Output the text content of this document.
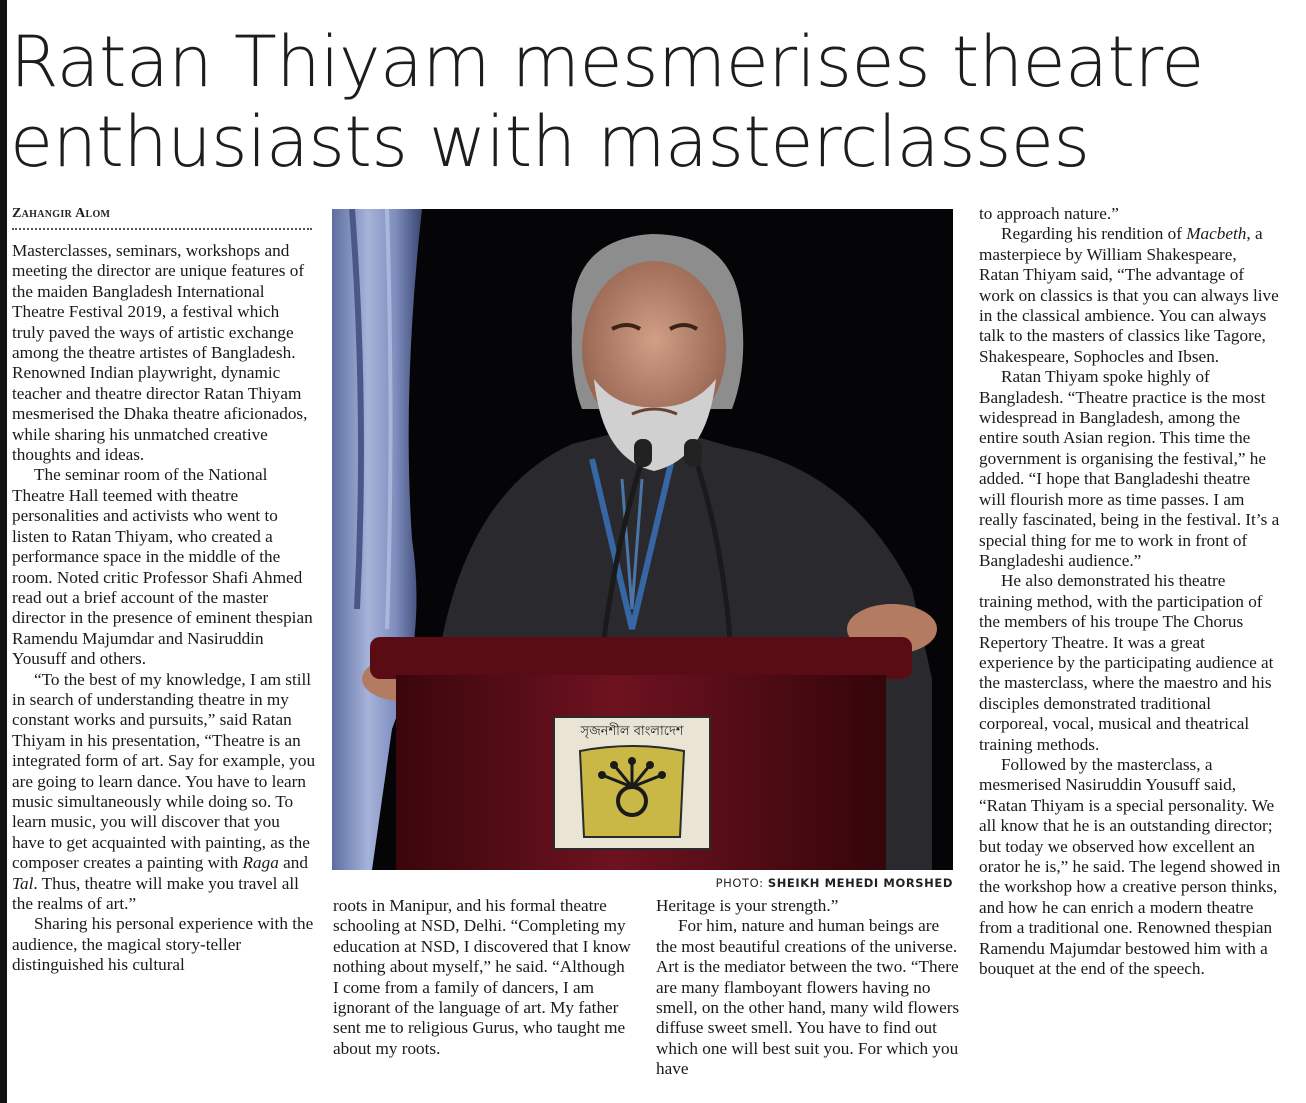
Ratan Thiyam mesmerises theatre
enthusiasts with masterclasses
Zahangir Alom

Masterclasses, seminars, workshops and meeting the director are unique features of the maiden Bangladesh International Theatre Festival 2019, a festival which truly paved the ways of artistic exchange among the theatre artistes of Bangladesh. Renowned Indian playwright, dynamic teacher and theatre director Ratan Thiyam mesmerised the Dhaka theatre aficionados, while sharing his unmatched creative thoughts and ideas.

The seminar room of the National Theatre Hall teemed with theatre personalities and activists who went to listen to Ratan Thiyam, who created a performance space in the middle of the room. Noted critic Professor Shafi Ahmed read out a brief account of the master director in the presence of eminent thespian Ramendu Majumdar and Nasiruddin Yousuff and others.

“To the best of my knowledge, I am still in search of understanding theatre in my constant works and pursuits,” said Ratan Thiyam in his presentation, “Theatre is an integrated form of art. Say for example, you are going to learn dance. You have to learn music simultaneously while doing so. To learn music, you will discover that you have to get acquainted with painting, as the composer creates a painting with Raga and Tal. Thus, theatre will make you travel all the realms of art.”

Sharing his personal experience with the audience, the magical story-teller distinguished his cultural

সৃজনশীল বাংলাদেশ
PHOTO: SHEIKH MEHEDI MORSHED

roots in Manipur, and his formal theatre schooling at NSD, Delhi. “Completing my education at NSD, I discovered that I know nothing about myself,” he said. “Although I come from a family of dancers, I am ignorant of the language of art. My father sent me to religious Gurus, who taught me about my roots.

Heritage is your strength.”

For him, nature and human beings are the most beautiful creations of the universe. Art is the mediator between the two. “There are many flamboyant flowers having no smell, on the other hand, many wild flowers diffuse sweet smell. You have to find out which one will best suit you. For which you have

to approach nature.”

Regarding his rendition of Macbeth, a masterpiece by William Shakespeare, Ratan Thiyam said, “The advantage of work on classics is that you can always live in the classical ambience. You can always talk to the masters of classics like Tagore, Shakespeare, Sophocles and Ibsen.

Ratan Thiyam spoke highly of Bangladesh. “Theatre practice is the most widespread in Bangladesh, among the entire south Asian region. This time the government is organising the festival,” he added. “I hope that Bangladeshi theatre will flourish more as time passes. I am really fascinated, being in the festival. It’s a special thing for me to work in front of Bangladeshi audience.”

He also demonstrated his theatre training method, with the participation of the members of his troupe The Chorus Repertory Theatre. It was a great experience by the participating audience at the masterclass, where the maestro and his disciples demonstrated traditional corporeal, vocal, musical and theatrical training methods.

Followed by the masterclass, a mesmerised Nasiruddin Yousuff said, “Ratan Thiyam is a special personality. We all know that he is an outstanding director; but today we observed how excellent an orator he is,” he said. The legend showed in the workshop how a creative person thinks, and how he can enrich a modern theatre from a traditional one. Renowned thespian Ramendu Majumdar bestowed him with a bouquet at the end of the speech.
